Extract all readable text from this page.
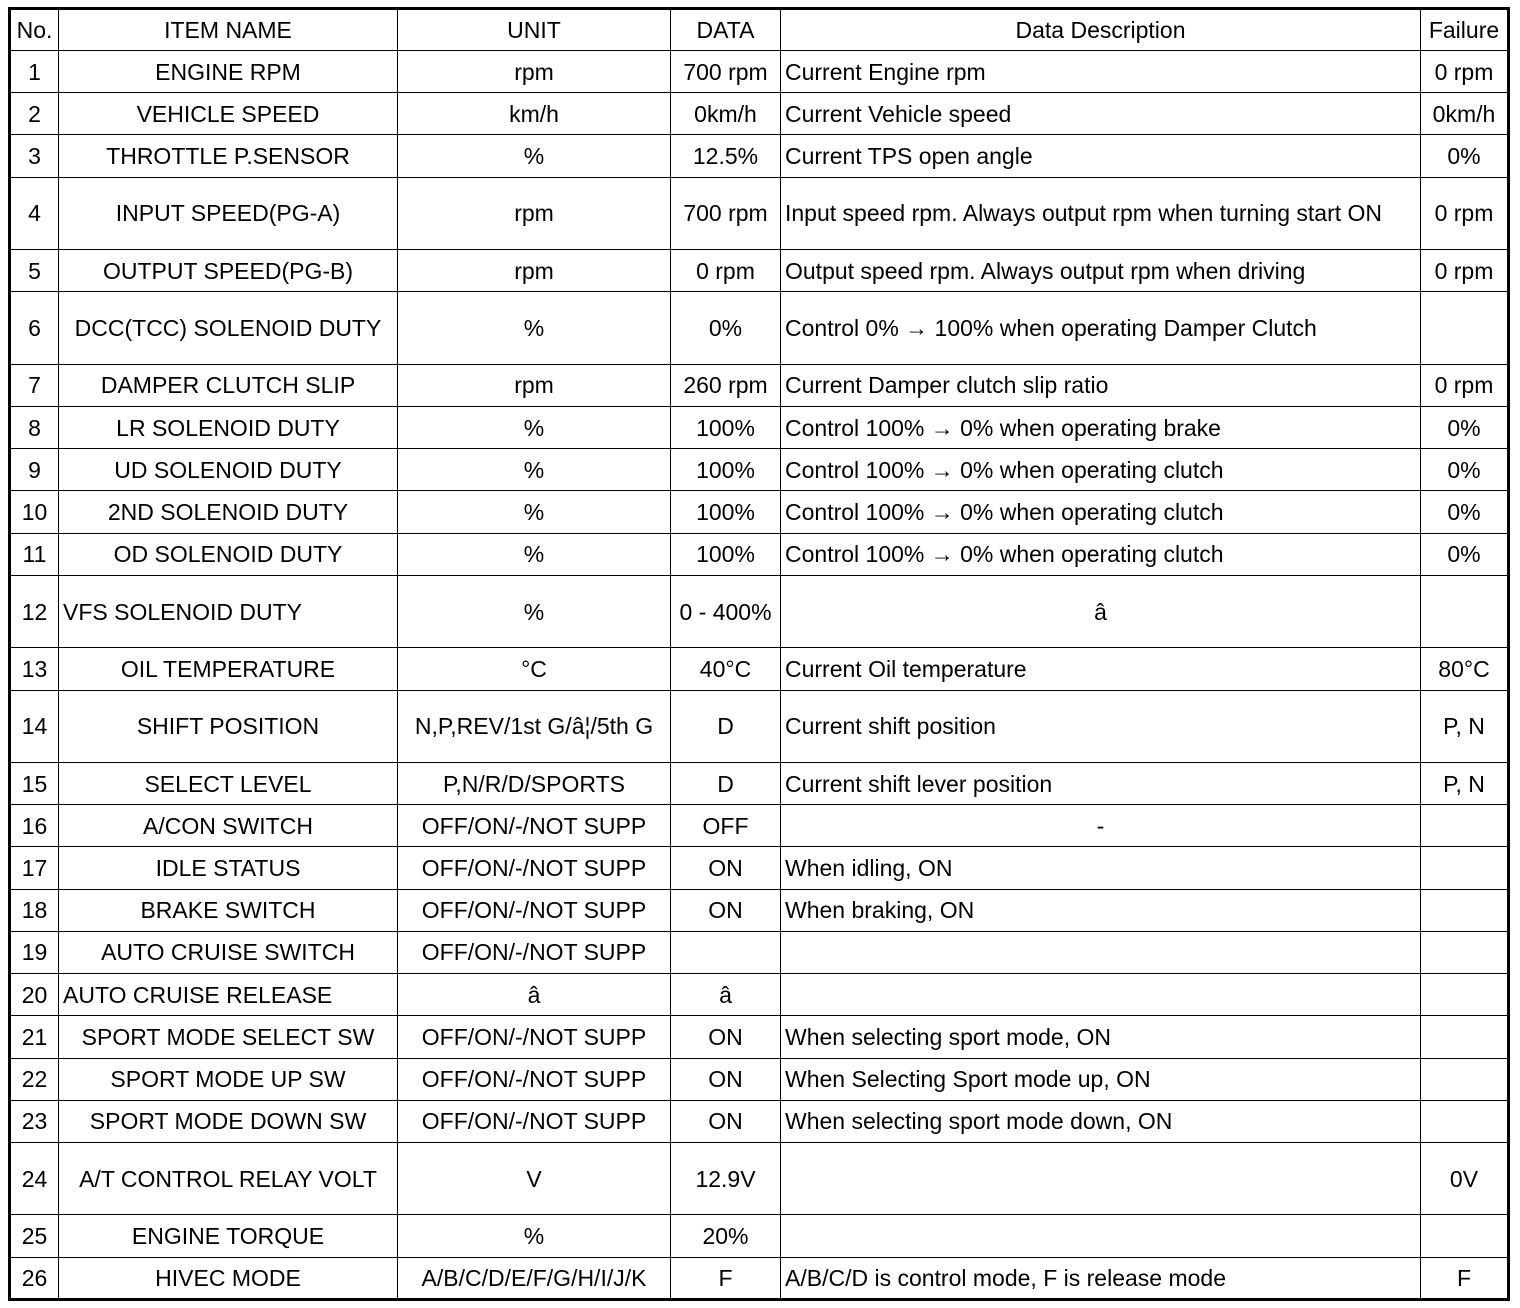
No.	ITEM NAME	UNIT	DATA	Data Description	Failure
1	ENGINE RPM	rpm	700 rpm	Current Engine rpm	0 rpm
2	VEHICLE SPEED	km/h	0km/h	Current Vehicle speed	0km/h
3	THROTTLE P.SENSOR	%	12.5%	Current TPS open angle	0%
4	INPUT SPEED(PG-A)	rpm	700 rpm	Input speed rpm. Always output rpm when turning start ON	0 rpm
5	OUTPUT SPEED(PG-B)	rpm	0 rpm	Output speed rpm. Always output rpm when driving	0 rpm
6	DCC(TCC) SOLENOID DUTY	%	0%	Control 0% → 100% when operating Damper Clutch	
7	DAMPER CLUTCH SLIP	rpm	260 rpm	Current Damper clutch slip ratio	0 rpm
8	LR SOLENOID DUTY	%	100%	Control 100% → 0% when operating brake	0%
9	UD SOLENOID DUTY	%	100%	Control 100% → 0% when operating clutch	0%
10	2ND SOLENOID DUTY	%	100%	Control 100% → 0% when operating clutch	0%
11	OD SOLENOID DUTY	%	100%	Control 100% → 0% when operating clutch	0%
12	VFS SOLENOID DUTY	%	0 - 400%	â	
13	OIL TEMPERATURE	°C	40°C	Current Oil temperature	80°C
14	SHIFT POSITION	N,P,REV/1st G/â¦/5th G	D	Current shift position	P, N
15	SELECT LEVEL	P,N/R/D/SPORTS	D	Current shift lever position	P, N
16	A/CON SWITCH	OFF/ON/-/NOT SUPP	OFF	-	
17	IDLE STATUS	OFF/ON/-/NOT SUPP	ON	When idling, ON	
18	BRAKE SWITCH	OFF/ON/-/NOT SUPP	ON	When braking, ON	
19	AUTO CRUISE SWITCH	OFF/ON/-/NOT SUPP			
20	AUTO CRUISE RELEASE	â	â		
21	SPORT MODE SELECT SW	OFF/ON/-/NOT SUPP	ON	When selecting sport mode, ON	
22	SPORT MODE UP SW	OFF/ON/-/NOT SUPP	ON	When Selecting Sport mode up, ON	
23	SPORT MODE DOWN SW	OFF/ON/-/NOT SUPP	ON	When selecting sport mode down, ON	
24	A/T CONTROL RELAY VOLT	V	12.9V		0V
25	ENGINE TORQUE	%	20%		
26	HIVEC MODE	A/B/C/D/E/F/G/H/I/J/K	F	A/B/C/D is control mode, F is release mode	F
